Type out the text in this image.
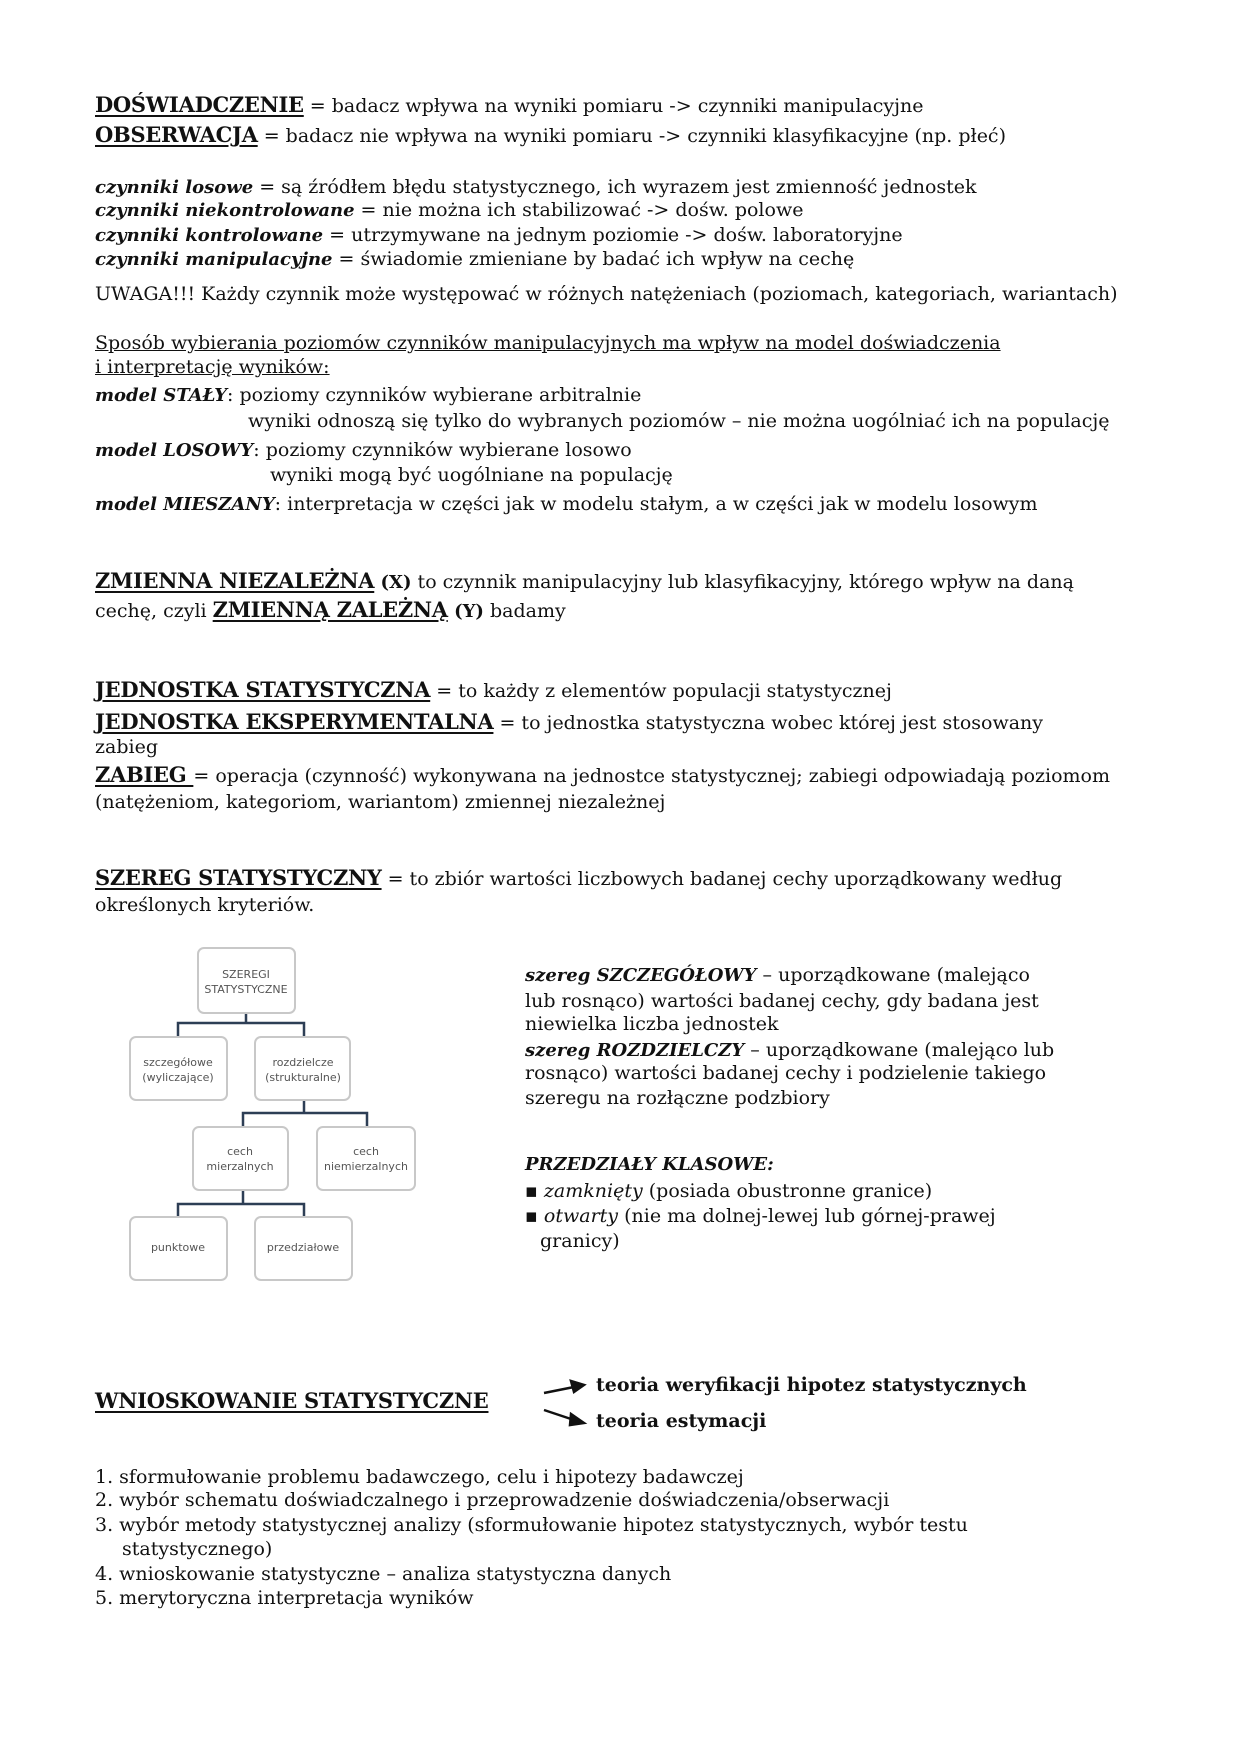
DOŚWIADCZENIE = badacz wpływa na wyniki pomiaru -> czynniki manipulacyjne
OBSERWACJA = badacz nie wpływa na wyniki pomiaru -> czynniki klasyfikacyjne (np. płeć)
czynniki losowe = są źródłem błędu statystycznego, ich wyrazem jest zmienność jednostek
czynniki niekontrolowane = nie można ich stabilizować -> dośw. polowe
czynniki kontrolowane = utrzymywane na jednym poziomie -> dośw. laboratoryjne
czynniki manipulacyjne = świadomie zmieniane by badać ich wpływ na cechę
UWAGA!!! Każdy czynnik może występować w różnych natężeniach (poziomach, kategoriach, wariantach)
Sposób wybierania poziomów czynników manipulacyjnych ma wpływ na model doświadczenia
i interpretację wyników:
model STAŁY: poziomy czynników wybierane arbitralnie
wyniki odnoszą się tylko do wybranych poziomów – nie można uogólniać ich na populację
model LOSOWY: poziomy czynników wybierane losowo
wyniki mogą być uogólniane na populację
model MIESZANY: interpretacja w części jak w modelu stałym, a w części jak w modelu losowym
ZMIENNA NIEZALEŻNA (X) to czynnik manipulacyjny lub klasyfikacyjny, którego wpływ na daną
cechę, czyli ZMIENNĄ ZALEŻNĄ (Y) badamy
JEDNOSTKA STATYSTYCZNA = to każdy z elementów populacji statystycznej
JEDNOSTKA EKSPERYMENTALNA = to jednostka statystyczna wobec której jest stosowany
zabieg
ZABIEG = operacja (czynność) wykonywana na jednostce statystycznej; zabiegi odpowiadają poziomom
(natężeniom, kategoriom, wariantom) zmiennej niezależnej
SZEREG STATYSTYCZNY = to zbiór wartości liczbowych badanej cechy uporządkowany według
określonych kryteriów.
SZEREGI
STATYSTYCZNE
szczegółowe
(wyliczające)
rozdzielcze
(strukturalne)
cech
mierzalnych
cech
niemierzalnych
punktowe	przedziałowe
szereg SZCZEGÓŁOWY – uporządkowane (malejąco
lub rosnąco) wartości badanej cechy, gdy badana jest
niewielka liczba jednostek
szereg ROZDZIELCZY – uporządkowane (malejąco lub
rosnąco) wartości badanej cechy i podzielenie takiego
szeregu na rozłączne podzbiory
PRZEDZIAŁY KLASOWE:
▪ zamknięty (posiada obustronne granice)
▪ otwarty (nie ma dolnej-lewej lub górnej-prawej
granicy)
WNIOSKOWANIE STATYSTYCZNE
teoria weryfikacji hipotez statystycznych
teoria estymacji
1. sformułowanie problemu badawczego, celu i hipotezy badawczej
2. wybór schematu doświadczalnego i przeprowadzenie doświadczenia/obserwacji
3. wybór metody statystycznej analizy (sformułowanie hipotez statystycznych, wybór testu
statystycznego)
4. wnioskowanie statystyczne – analiza statystyczna danych
5. merytoryczna interpretacja wyników
